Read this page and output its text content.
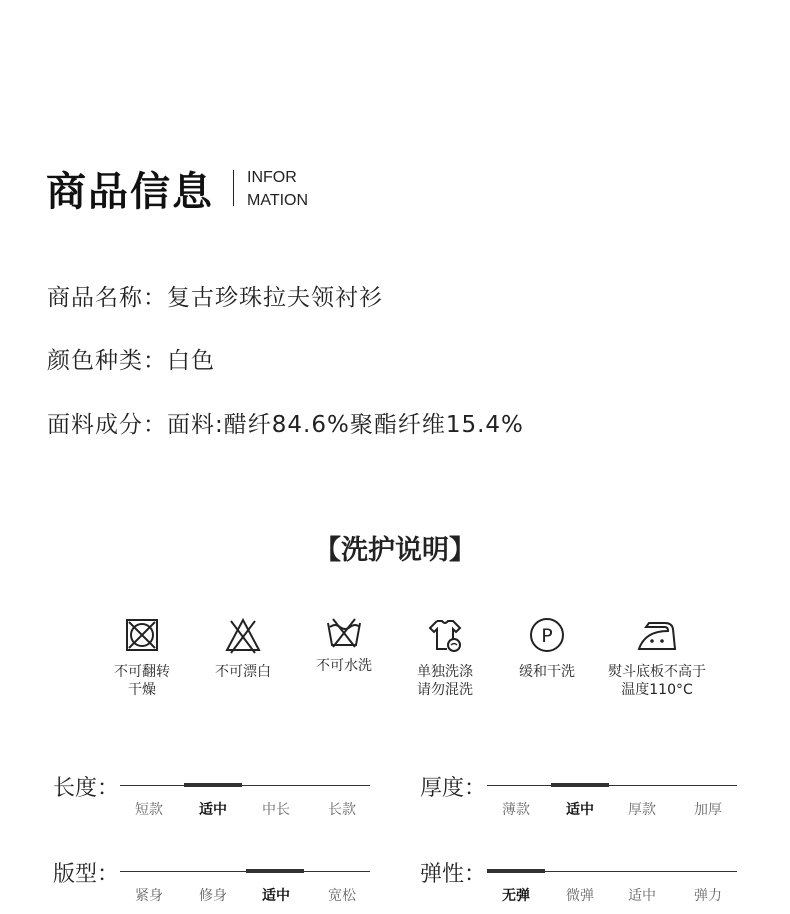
商品信息 INFOR
MATION
商品名称：复古珍珠拉夫领衬衫
颜色种类：白色
面料成分：面料:醋纤84.6%聚酯纤维15.4%
【洗护说明】
不可翻转
干燥
不可漂白	不可水洗	单独洗涤
请勿混洗
P
缓和干洗	熨斗底板不高于
温度110°C
长度：
短款	适中	中长	长款
厚度：
薄款	适中	厚款	加厚
版型：
紧身	修身	适中	宽松
弹性：
无弹	微弹	适中	弹力
